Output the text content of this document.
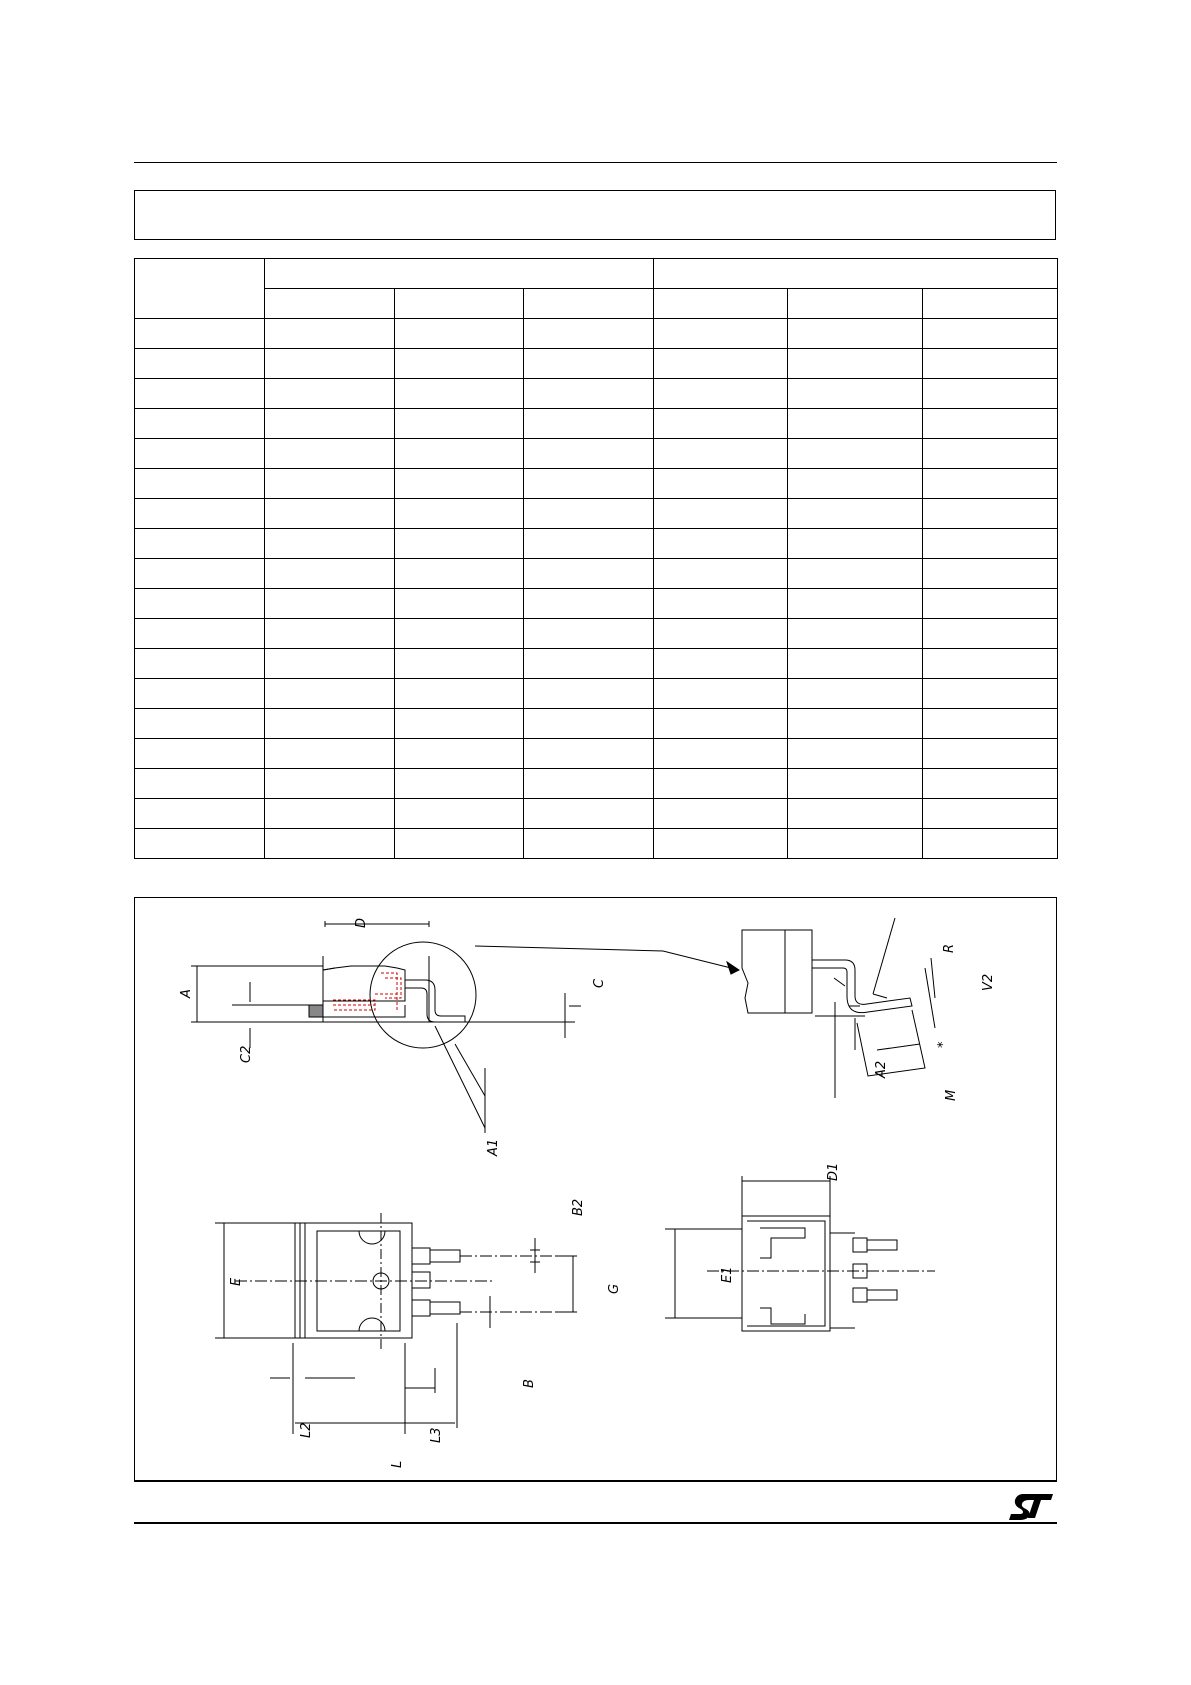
D
A
C2
C
A1
R
V2
A2
M
*
B2
G
E
B
L2	L3
L
D1
E1
